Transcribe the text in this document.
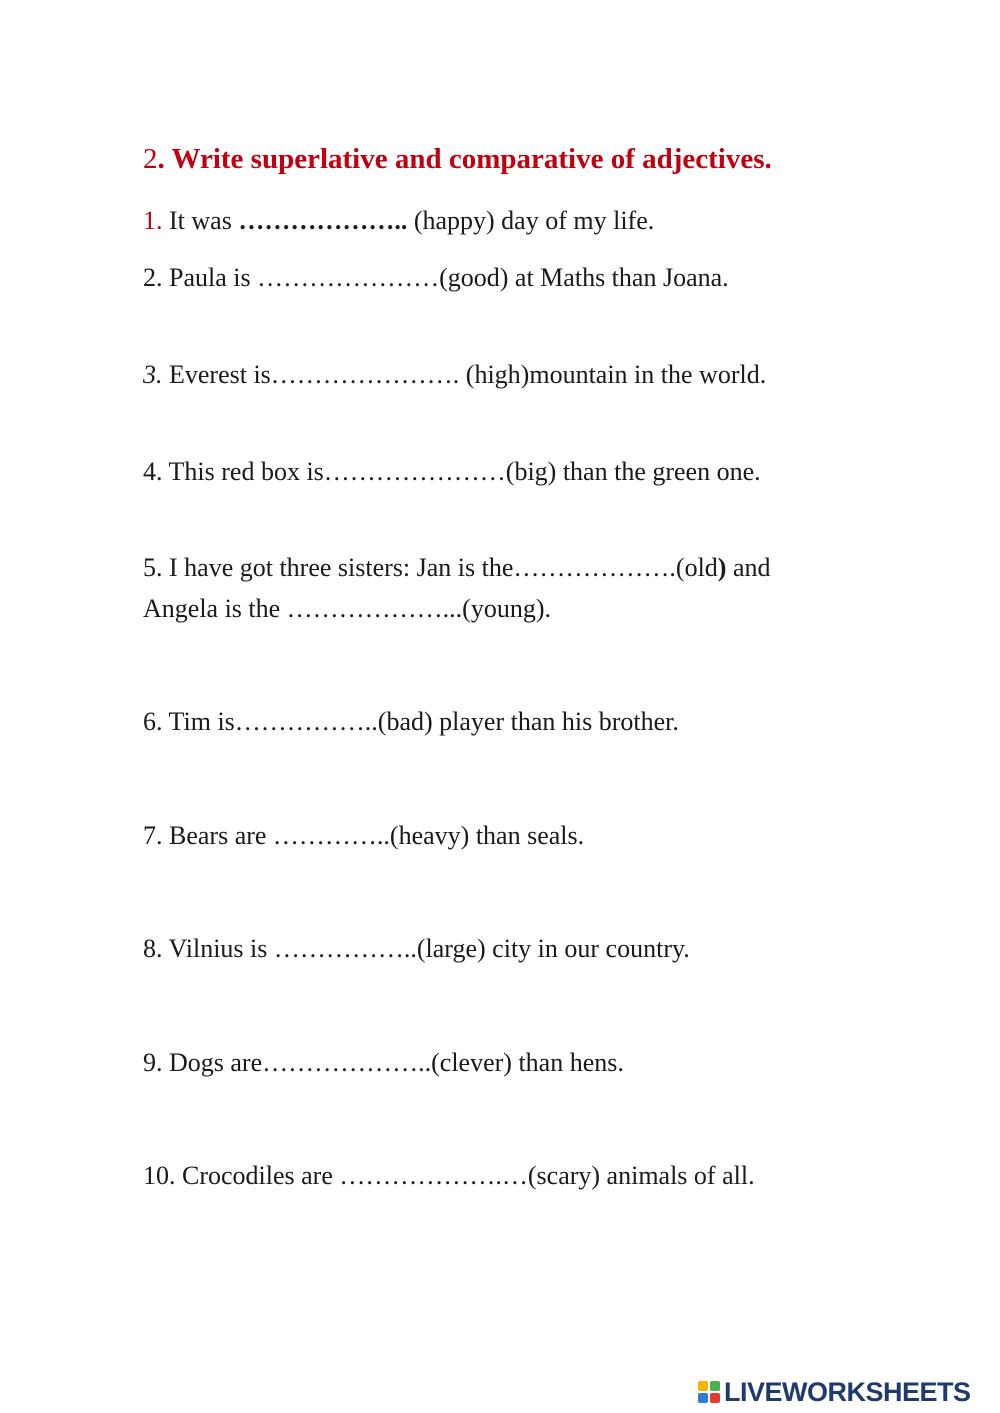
2. Write superlative and comparative of adjectives.
1. It was ……………….. (happy) day of my life.
2. Paula is …………………(good) at Maths than Joana.
3. Everest is…………………. (high)mountain in the world.
4. This red box is…………………(big) than the green one.
5. I have got three sisters: Jan is the……………….(old) and
Angela is the ………………...(young).
6. Tim is……………..(bad) player than his brother.
7. Bears are …………..(heavy) than seals.
8. Vilnius is ……………..(large) city in our country.
9. Dogs are………………..(clever) than hens.
10. Crocodiles are ……………….…(scary) animals of all.
LIVEWORKSHEETS
